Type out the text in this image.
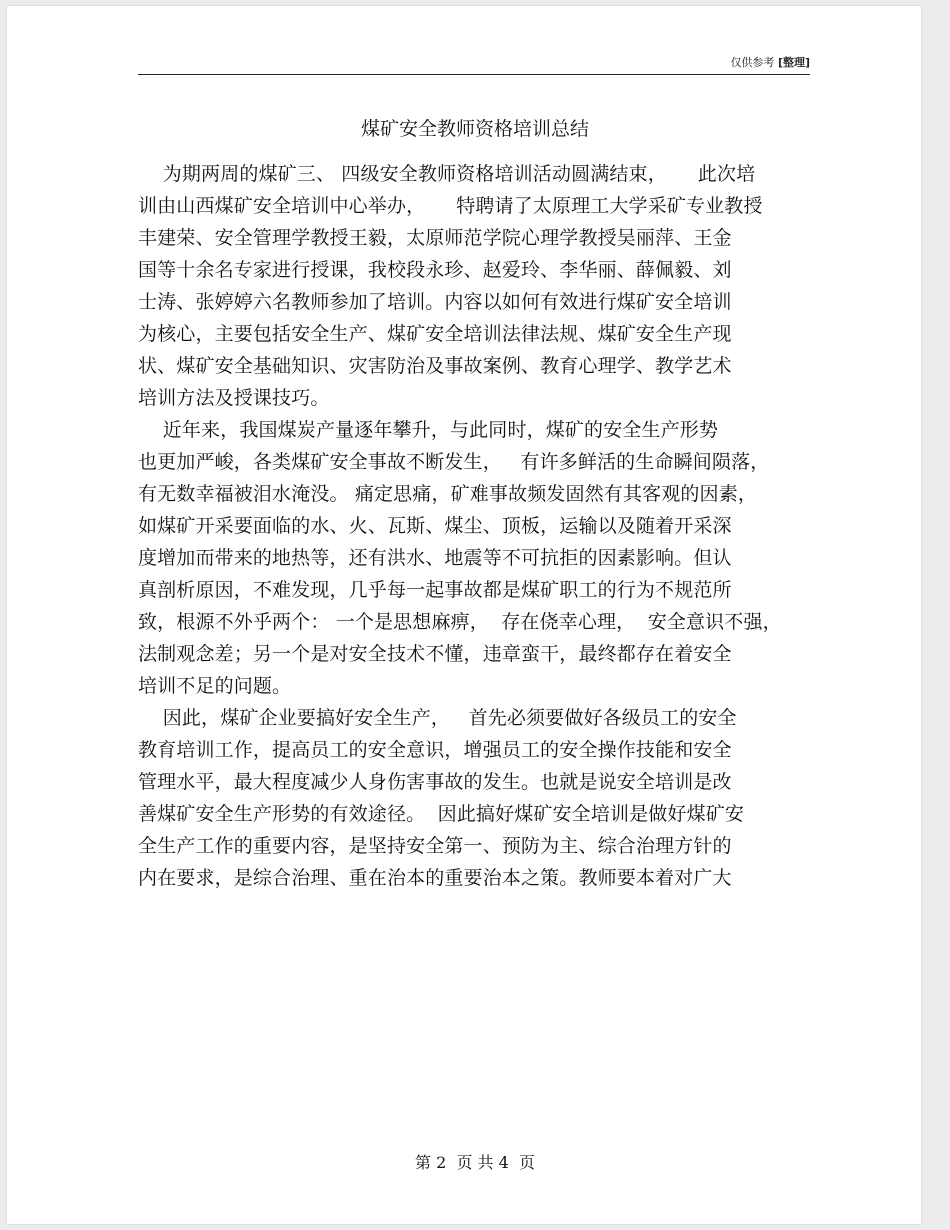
仅供参考 [整理]
煤矿安全教师资格培训总结
为期两周的煤矿三、 四级安全教师资格培训活动圆满结束，     此次培
训由山西煤矿安全培训中心举办，     特聘请了太原理工大学采矿专业教授
丰建荣、安全管理学教授王毅，太原师范学院心理学教授吴丽萍、王金
国等十余名专家进行授课，我校段永珍、赵爱玲、李华丽、薛佩毅、刘
士涛、张婷婷六名教师参加了培训。内容以如何有效进行煤矿安全培训
为核心，主要包括安全生产、煤矿安全培训法律法规、煤矿安全生产现
状、煤矿安全基础知识、灾害防治及事故案例、教育心理学、教学艺术
培训方法及授课技巧。
近年来，我国煤炭产量逐年攀升，与此同时，煤矿的安全生产形势
也更加严峻，各类煤矿安全事故不断发生，   有许多鲜活的生命瞬间陨落，
有无数幸福被泪水淹没。 痛定思痛，矿难事故频发固然有其客观的因素，
如煤矿开采要面临的水、火、瓦斯、煤尘、顶板，运输以及随着开采深
度增加而带来的地热等，还有洪水、地震等不可抗拒的因素影响。但认
真剖析原因，不难发现，几乎每一起事故都是煤矿职工的行为不规范所
致，根源不外乎两个： 一个是思想麻痹，  存在侥幸心理，  安全意识不强，
法制观念差；另一个是对安全技术不懂，违章蛮干，最终都存在着安全
培训不足的问题。
因此，煤矿企业要搞好安全生产，   首先必须要做好各级员工的安全
教育培训工作，提高员工的安全意识，增强员工的安全操作技能和安全
管理水平，最大程度减少人身伤害事故的发生。也就是说安全培训是改
善煤矿安全生产形势的有效途径。  因此搞好煤矿安全培训是做好煤矿安
全生产工作的重要内容，是坚持安全第一、预防为主、综合治理方针的
内在要求，是综合治理、重在治本的重要治本之策。教师要本着对广大
第 2  页 共 4  页
